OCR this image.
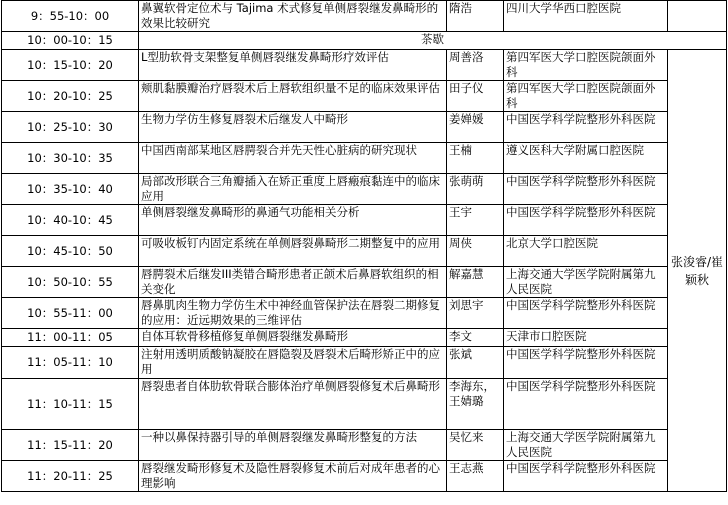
9：55-10：00	鼻翼软骨定位术与 Tajima 术式修复单侧唇裂继发鼻畸形的效果比较研究	隋浩	四川大学华西口腔医院	
10：00-10：15	茶歇			
10：15-10：20	L型肋软骨支架整复单侧唇裂继发鼻畸形疗效评估	周善洛	第四军医大学口腔医院颌面外科	张浚睿/崔颖秋
10：20-10：25	颊肌黏膜瓣治疗唇裂术后上唇软组织量不足的临床效果评估	田子仪	第四军医大学口腔医院颌面外科	
10：25-10：30	生物力学仿生修复唇裂术后继发人中畸形	姜婵媛	中国医学科学院整形外科医院	
10：30-10：35	中国西南部某地区唇腭裂合并先天性心脏病的研究现状	王楠	遵义医科大学附属口腔医院	
10：35-10：40	局部改形联合三角瓣插入在矫正重度上唇瘢痕黏连中的临床应用	张萌萌	中国医学科学院整形外科医院	
10：40-10：45	单侧唇裂继发鼻畸形的鼻通气功能相关分析	王宇	中国医学科学院整形外科医院	
10：45-10：50	可吸收板钉内固定系统在单侧唇裂鼻畸形二期整复中的应用	周侠	北京大学口腔医院	
10：50-10：55	唇腭裂术后继发III类错合畸形患者正颌术后鼻唇软组织的相关变化	解嘉慧	上海交通大学医学院附属第九人民医院	
10：55-11：00	唇鼻肌肉生物力学仿生术中神经血管保护法在唇裂二期修复的应用：近远期效果的三维评估	刘思宇	中国医学科学院整形外科医院	
11：00-11：05	自体耳软骨移植修复单侧唇裂继发鼻畸形	李文	天津市口腔医院	
11：05-11：10	注射用透明质酸钠凝胶在唇隐裂及唇裂术后畸形矫正中的应用	张斌	中国医学科学院整形外科医院	
11：10-11：15	唇裂患者自体肋软骨联合膨体治疗单侧唇裂修复术后鼻畸形	李海东，王婧璐	中国医学科学院整形外科医院	
11：15-11：20	一种以鼻保持器引导的单侧唇裂继发鼻畸形整复的方法	吴忆来	上海交通大学医学院附属第九人民医院	
11：20-11：25	唇裂继发畸形修复术及隐性唇裂修复术前后对成年患者的心理影响	王志燕	中国医学科学院整形外科医院	
